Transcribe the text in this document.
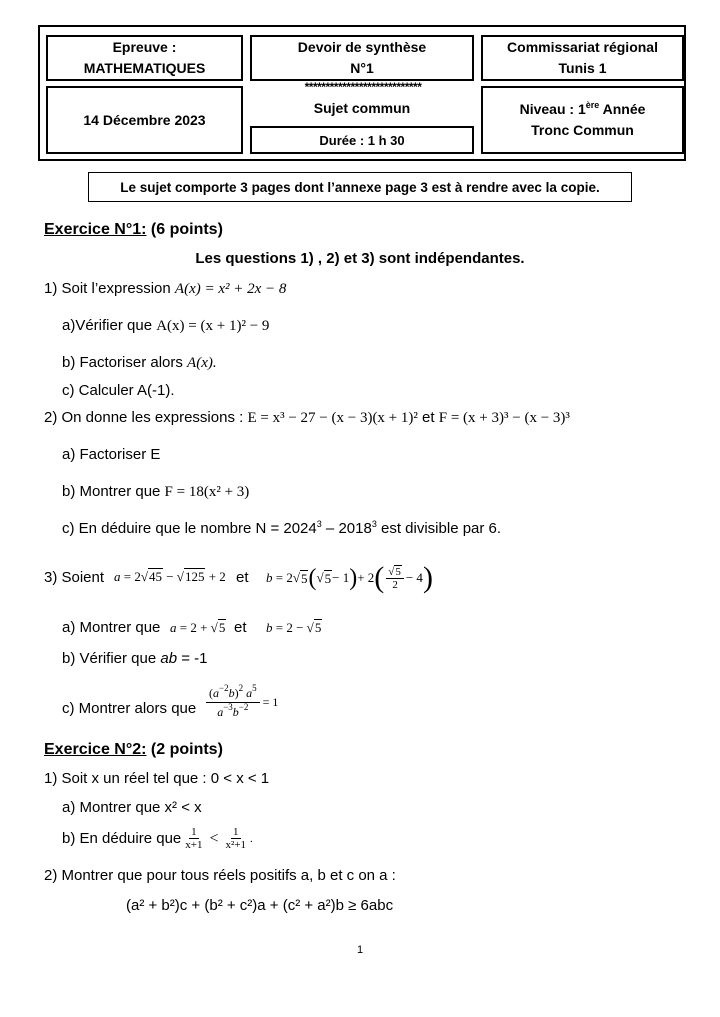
Epreuve :
MATHEMATIQUES
Devoir de synthèse
N°1
****************************
Commissariat régional
Tunis 1
14 Décembre 2023
Sujet commun
Durée : 1 h 30
Niveau : 1ère Année
Tronc Commun
Le sujet comporte 3 pages dont l’annexe page 3 est à rendre avec la copie.
Exercice N°1: (6 points)
Les questions 1) , 2) et 3) sont indépendantes.
1) Soit l’expression A(x) = x² + 2x − 8
a)Vérifier que A(x) = (x + 1)² − 9
b) Factoriser alors A(x).
c) Calculer A(-1).
2) On donne les expressions : E = x³ − 27 − (x − 3)(x + 1)² et F = (x + 3)³ − (x − 3)³
a) Factoriser E
b) Montrer que F = 18(x² + 3)
c) En déduire que le nombre $N = 2024^3 - 2018^3$ est divisible par 6.
3) Soient a = 2√45 − √125 + 2 et b = 2√ 5 ( √ 5 − 1 ) + 2 ( $\frac{√5}{2} - 4$ )
a) Montrer que a = 2 + √5 et b = 2 − √5
b) Vérifier que ab = -1
c) Montrer alors que $\frac{(a^{-2}b)^2 a^5}{a^{-3}b^{-2}} = 1$
Exercice N°2: (2 points)
1) Soit x un réel tel que : 0 < x < 1
a) Montrer que x² < x
b) En déduire que $\frac{1}{x+1} < \frac{1}{\text{x²+1}}$ .
2) Montrer que pour tous réels positifs a, b et c on a :
(a² + b²)c + (b² + c²)a + (c² + a²)b ≥ 6abc
1
